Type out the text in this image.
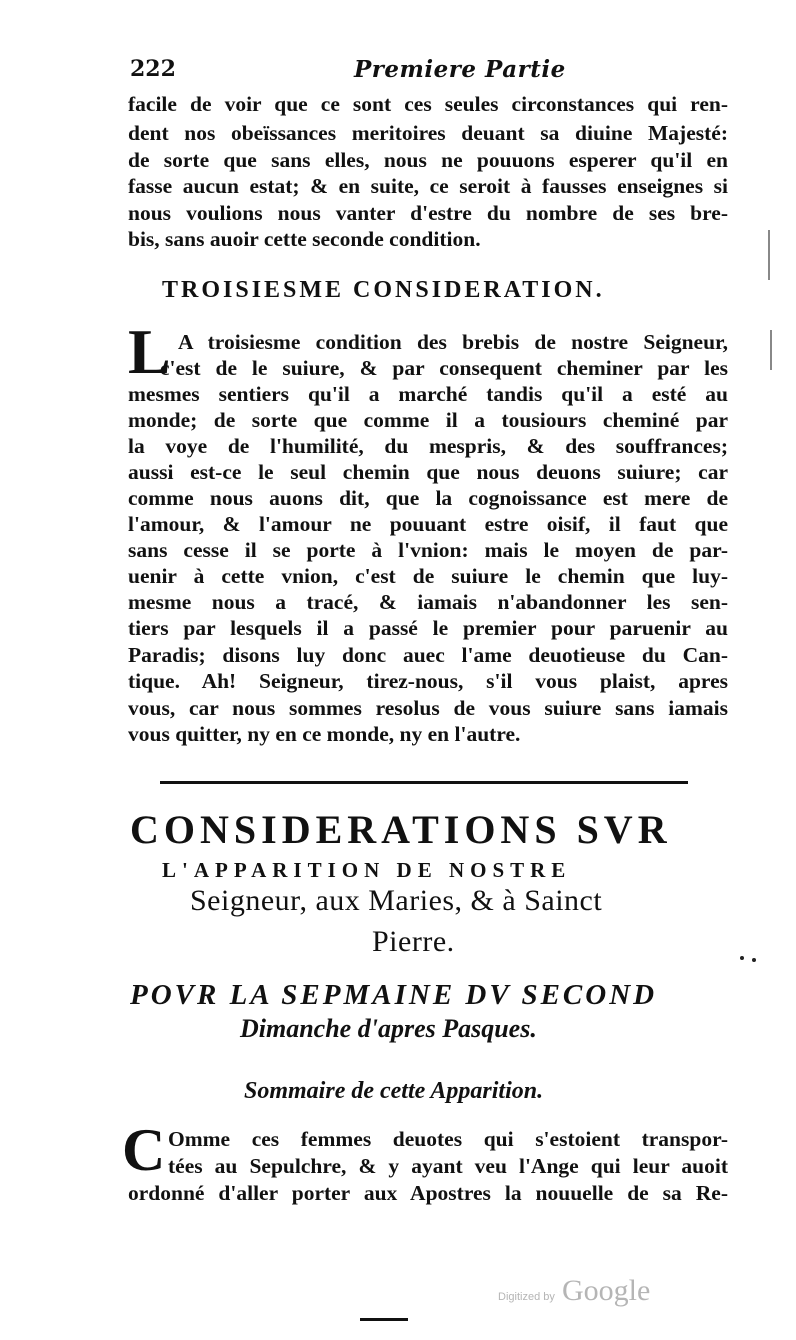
222	Premiere Partie
facile de voir que ce sont ces seules circonstances qui ren-
dent nos obeïssances meritoires deuant sa diuine Majesté:
de sorte que sans elles, nous ne pouuons esperer qu'il en
fasse aucun estat; & en suite, ce seroit à fausses enseignes si
nous voulions nous vanter d'estre du nombre de ses bre-
bis, sans auoir cette seconde condition.
TROISIESME CONSIDERATION.
L A troisiesme condition des brebis de nostre Seigneur,
c'est de le suiure, & par consequent cheminer par les
mesmes sentiers qu'il a marché tandis qu'il a esté au
monde; de sorte que comme il a tousiours cheminé par
la voye de l'humilité, du mespris, & des souffrances;
aussi est-ce le seul chemin que nous deuons suiure; car
comme nous auons dit, que la cognoissance est mere de
l'amour, & l'amour ne pouuant estre oisif, il faut que
sans cesse il se porte à l'vnion: mais le moyen de par-
uenir à cette vnion, c'est de suiure le chemin que luy-
mesme nous a tracé, & iamais n'abandonner les sen-
tiers par lesquels il a passé le premier pour paruenir au
Paradis; disons luy donc auec l'ame deuotieuse du Can-
tique. Ah! Seigneur, tirez-nous, s'il vous plaist, apres
vous, car nous sommes resolus de vous suiure sans iamais
vous quitter, ny en ce monde, ny en l'autre.
CONSIDERATIONS SVR
L'APPARITION DE NOSTRE
Seigneur, aux Maries, & à Sainct
Pierre.
POVR LA SEPMAINE DV SECOND
Dimanche d'apres Pasques.
Sommaire de cette Apparition.
C Omme ces femmes deuotes qui s'estoient transpor-
tées au Sepulchre, & y ayant veu l'Ange qui leur auoit
ordonné d'aller porter aux Apostres la nouuelle de sa Re-
Digitized by Google
